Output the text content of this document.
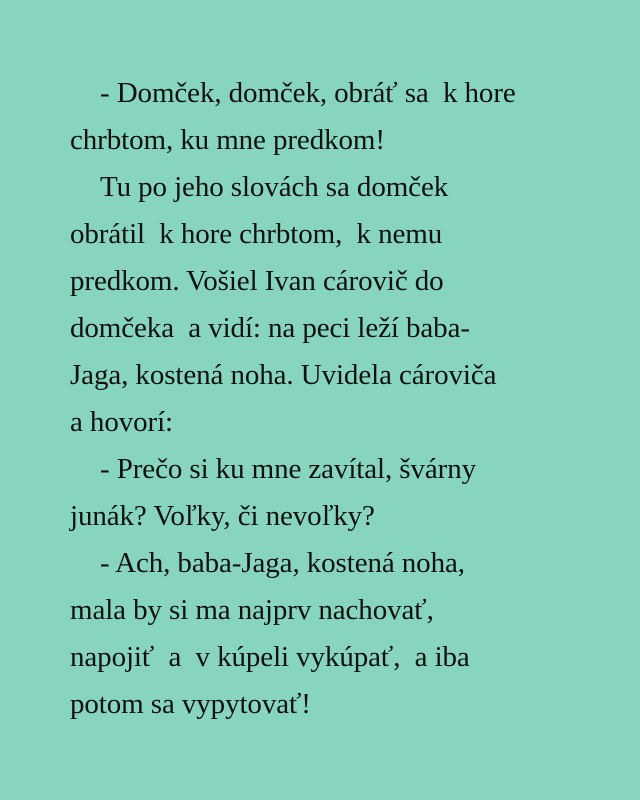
- Domček, domček, obráť sa  k hore
chrbtom, ku mne predkom!
Tu po jeho slovách sa domček
obrátil  k hore chrbtom,  k nemu
predkom. Vošiel Ivan cárovič do
domčeka  a vidí: na peci leží baba-
Jaga, kostená noha. Uvidela cároviča
a hovorí:
- Prečo si ku mne zavítal, švárny
junák? Voľky, či nevoľky?
- Ach, baba-Jaga, kostená noha,
mala by si ma najprv nachovať,
napojiť  a  v kúpeli vykúpať,  a iba
potom sa vypytovať!
